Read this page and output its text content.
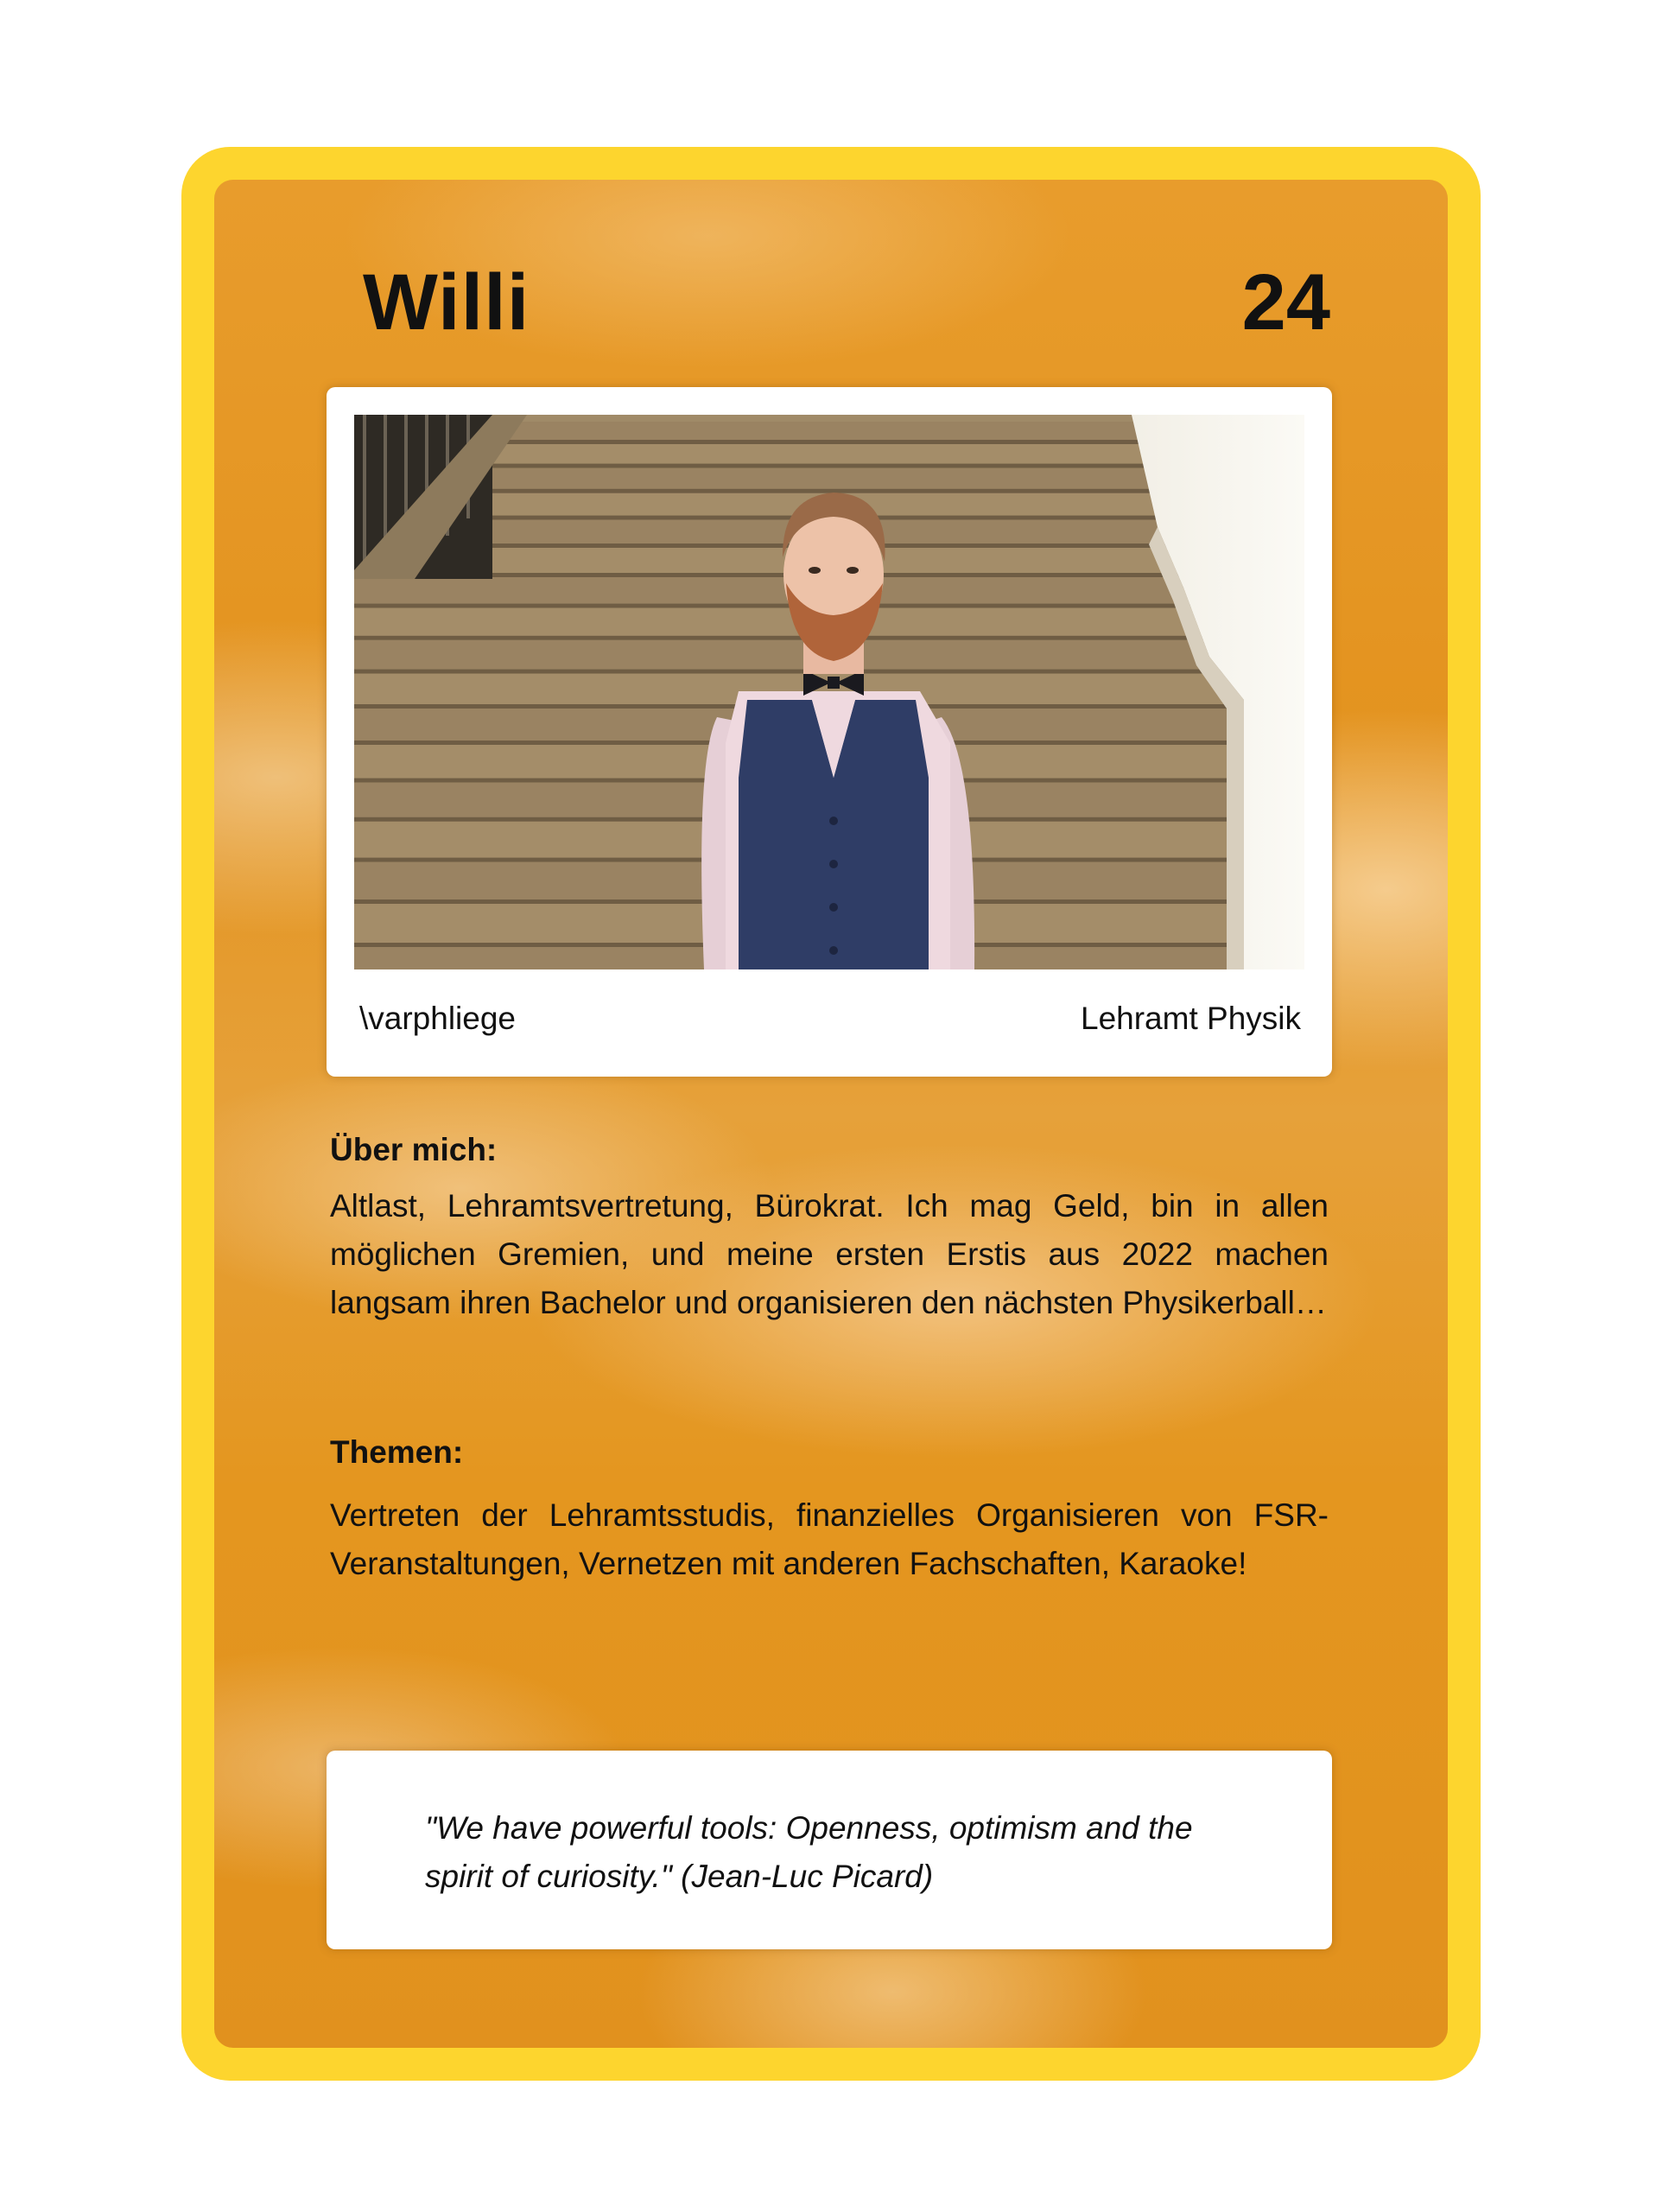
Willi	24
\varphliege	Lehramt Physik
Über mich:
Altlast, Lehramtsvertretung, Bürokrat. Ich mag Geld, bin in allen möglichen Gremien, und meine ersten Erstis aus 2022 machen langsam ihren Bachelor und organisieren den nächsten Physikerball…
Themen:
Vertreten der Lehramtsstudis, finanzielles Organisieren von FSR-Veranstaltungen, Vernetzen mit anderen Fachschaften, Karaoke!
"We have powerful tools: Openness, optimism and the spirit of curiosity." (Jean-Luc Picard)
